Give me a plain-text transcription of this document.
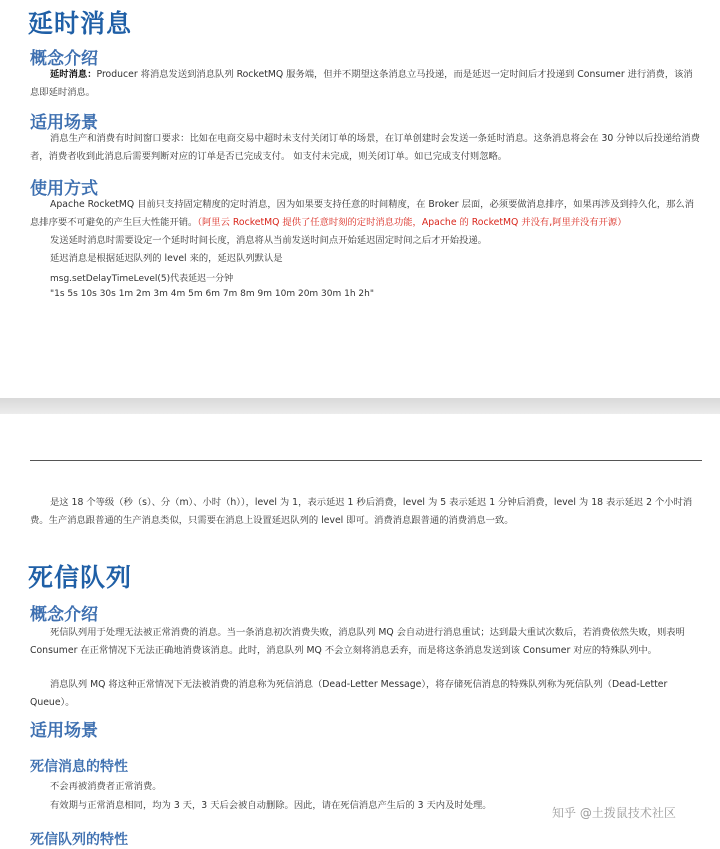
延时消息
概念介绍

延时消息：Producer 将消息发送到消息队列 RocketMQ 服务端，但并不期望这条消息立马投递，而是延迟一定时间后才投递到 Consumer 进行消费，该消息即延时消息。

适用场景

消息生产和消费有时间窗口要求：比如在电商交易中超时未支付关闭订单的场景，在订单创建时会发送一条延时消息。这条消息将会在 30 分钟以后投递给消费者，消费者收到此消息后需要判断对应的订单是否已完成支付。 如支付未完成，则关闭订单。如已完成支付则忽略。

使用方式

Apache RocketMQ 目前只支持固定精度的定时消息，因为如果要支持任意的时间精度，在 Broker 层面，必须要做消息排序，如果再涉及到持久化，那么消息排序要不可避免的产生巨大性能开销。（阿里云 RocketMQ 提供了任意时刻的定时消息功能，Apache 的 RocketMQ 并没有,阿里并没有开源）

发送延时消息时需要设定一个延时时间长度，消息将从当前发送时间点开始延迟固定时间之后才开始投递。

延迟消息是根据延迟队列的 level 来的，延迟队列默认是

msg.setDelayTimeLevel(5)代表延迟一分钟

"1s 5s 10s 30s 1m 2m 3m 4m 5m 6m 7m 8m 9m 10m 20m 30m 1h 2h"

是这 18 个等级（秒（s）、分（m）、小时（h）），level 为 1，表示延迟 1 秒后消费，level 为 5 表示延迟 1 分钟后消费，level 为 18 表示延迟 2 个小时消费。生产消息跟普通的生产消息类似，只需要在消息上设置延迟队列的 level 即可。消费消息跟普通的消费消息一致。

死信队列
概念介绍

死信队列用于处理无法被正常消费的消息。当一条消息初次消费失败，消息队列 MQ 会自动进行消息重试；达到最大重试次数后，若消费依然失败，则表明 Consumer 在正常情况下无法正确地消费该消息。此时，消息队列 MQ 不会立刻将消息丢弃，而是将这条消息发送到该 Consumer 对应的特殊队列中。

消息队列 MQ 将这种正常情况下无法被消费的消息称为死信消息（Dead-Letter Message），将存储死信消息的特殊队列称为死信队列（Dead-Letter Queue）。

适用场景
死信消息的特性

不会再被消费者正常消费。

有效期与正常消息相同，均为 3 天，3 天后会被自动删除。因此，请在死信消息产生后的 3 天内及时处理。

死信队列的特性
知乎 @土拨鼠技术社区
